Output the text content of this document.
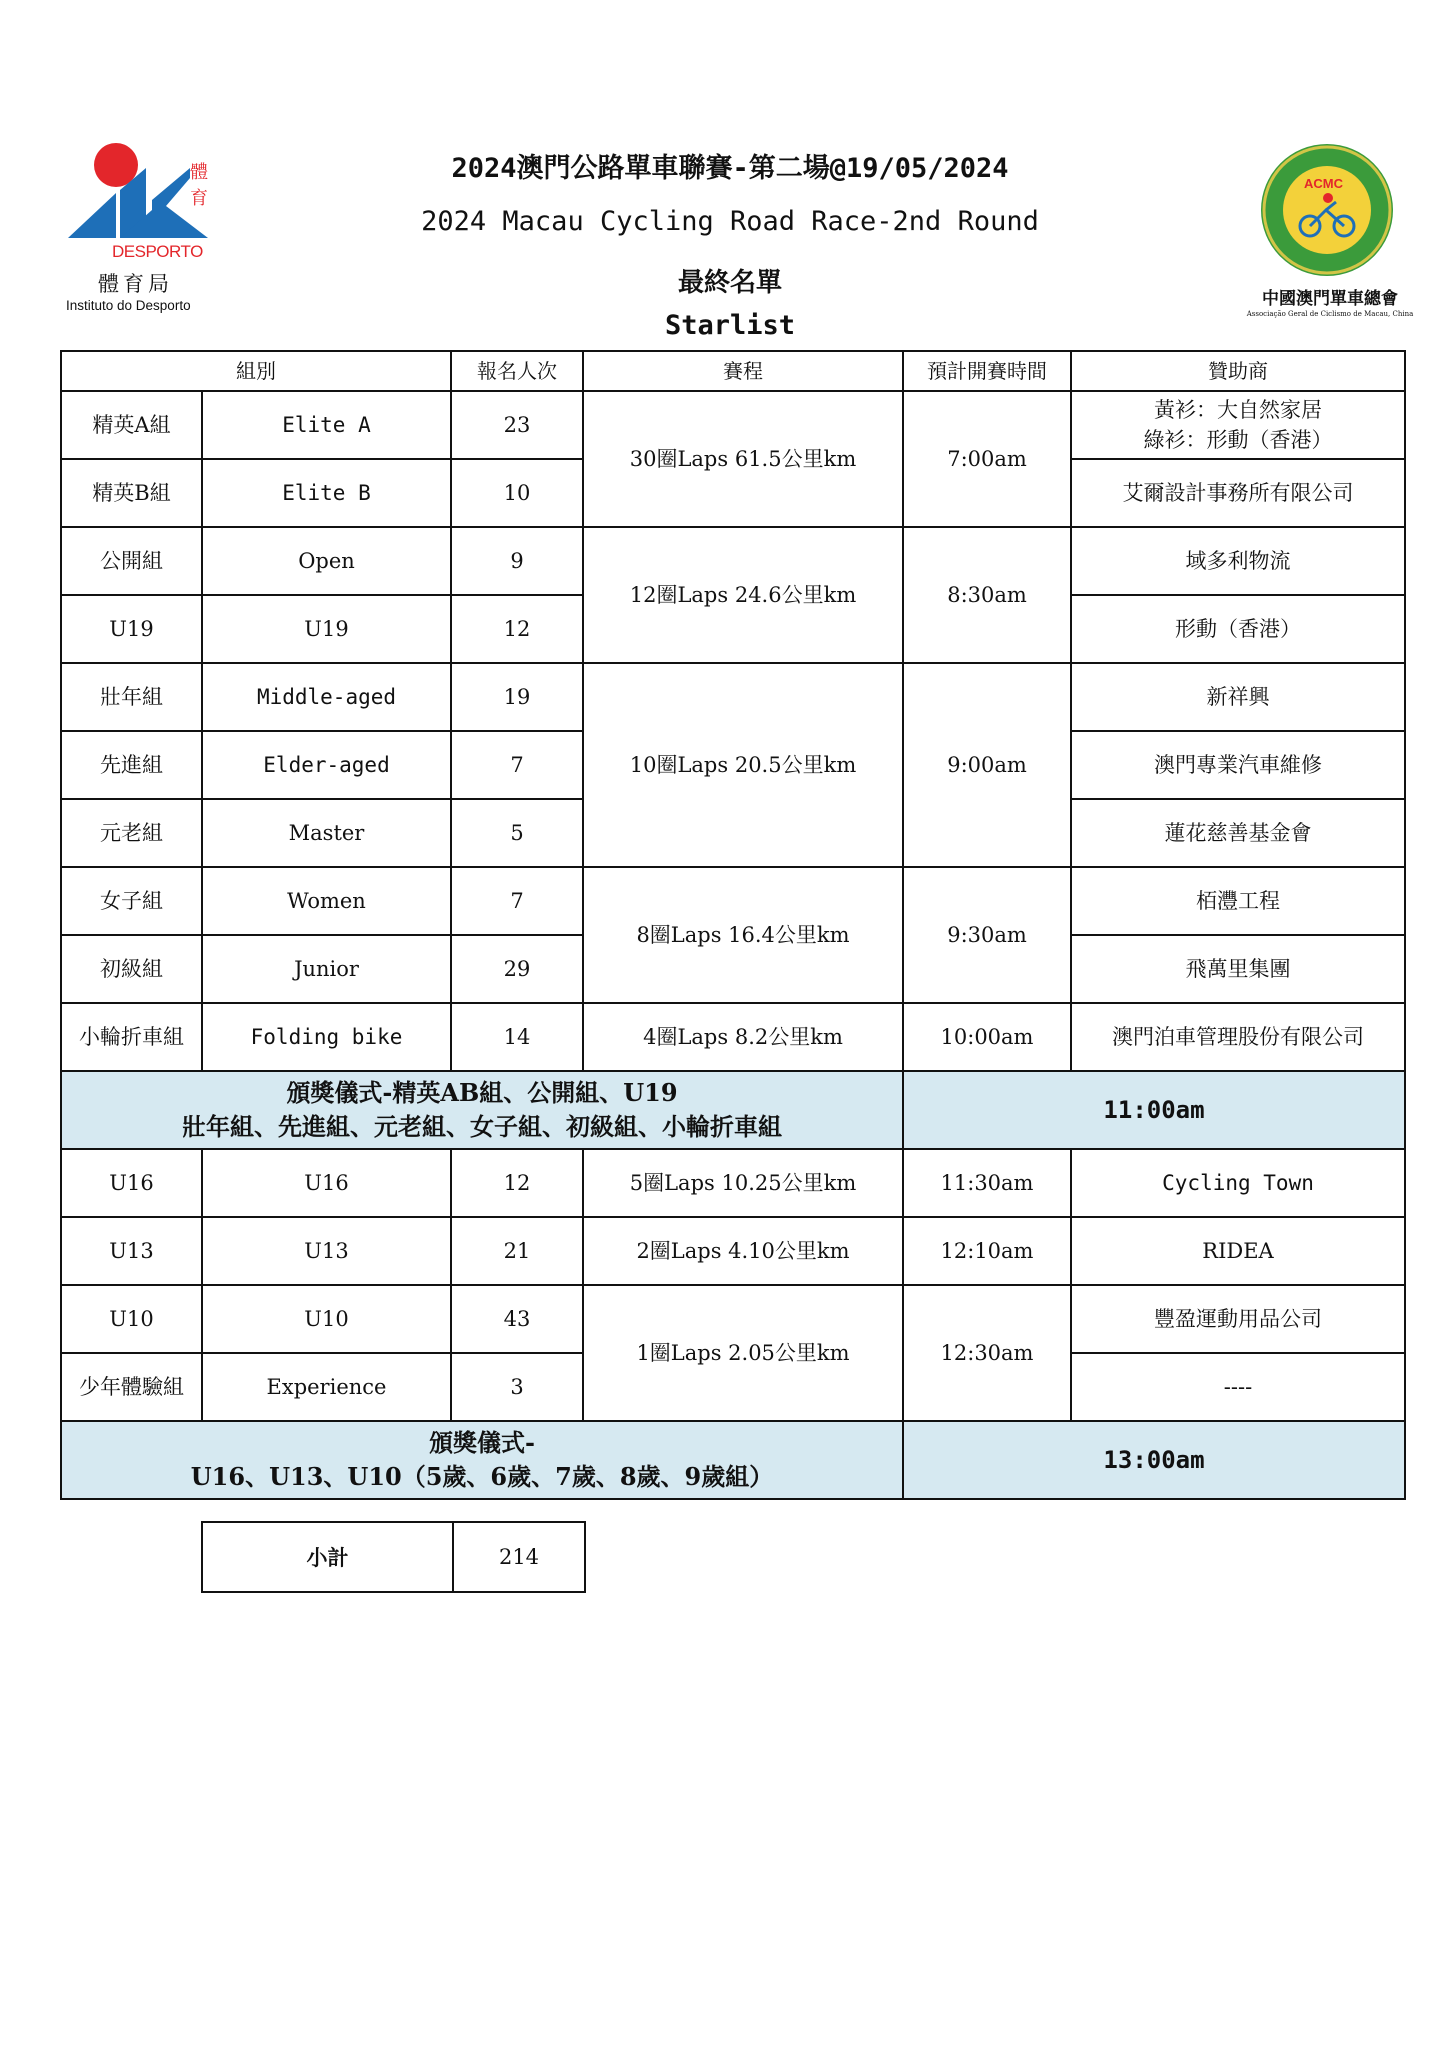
體
育
DESPORTO
體育局
Instituto do Desporto
ACMC
中國澳門單車總會
Associação Geral de Ciclismo de Macau, China
2024澳門公路單車聯賽-第二場@19/05/2024
2024 Macau Cycling Road Race-2nd Round
最終名單
Starlist
組別		報名人次	賽程	預計開賽時間	贊助商
精英A組	Elite A	23	30圈Laps 61.5公里km	7:00am	黃衫：大自然家居
綠衫：形動（香港）

精英B組	Elite B	10			艾爾設計事務所有限公司
公開組	Open	9	12圈Laps 24.6公里km	8:30am	域多利物流
U19	U19	12			形動（香港）
壯年組	Middle-aged	19	10圈Laps 20.5公里km	9:00am	新祥興
先進組	Elder-aged	7			澳門專業汽車維修
元老組	Master	5			蓮花慈善基金會
女子組	Women	7	8圈Laps 16.4公里km	9:30am	栢灃工程
初級組	Junior	29			飛萬里集團
小輪折車組	Folding bike	14	4圈Laps 8.2公里km	10:00am	澳門泊車管理股份有限公司

頒獎儀式-精英AB組、公開組、U19
壯年組、先進組、元老組、女子組、初級組、小輪折車組				11:00am	
U16	U16	12	5圈Laps 10.25公里km	11:30am	Cycling Town
U13	U13	21	2圈Laps 4.10公里km	12:10am	RIDEA
U10	U10	43	1圈Laps 2.05公里km	12:30am	豐盈運動用品公司
少年體驗組	Experience	3			----

頒獎儀式-
U16、U13、U10（5歲、6歲、7歲、8歲、9歲組）				13:00am	
小計	214
